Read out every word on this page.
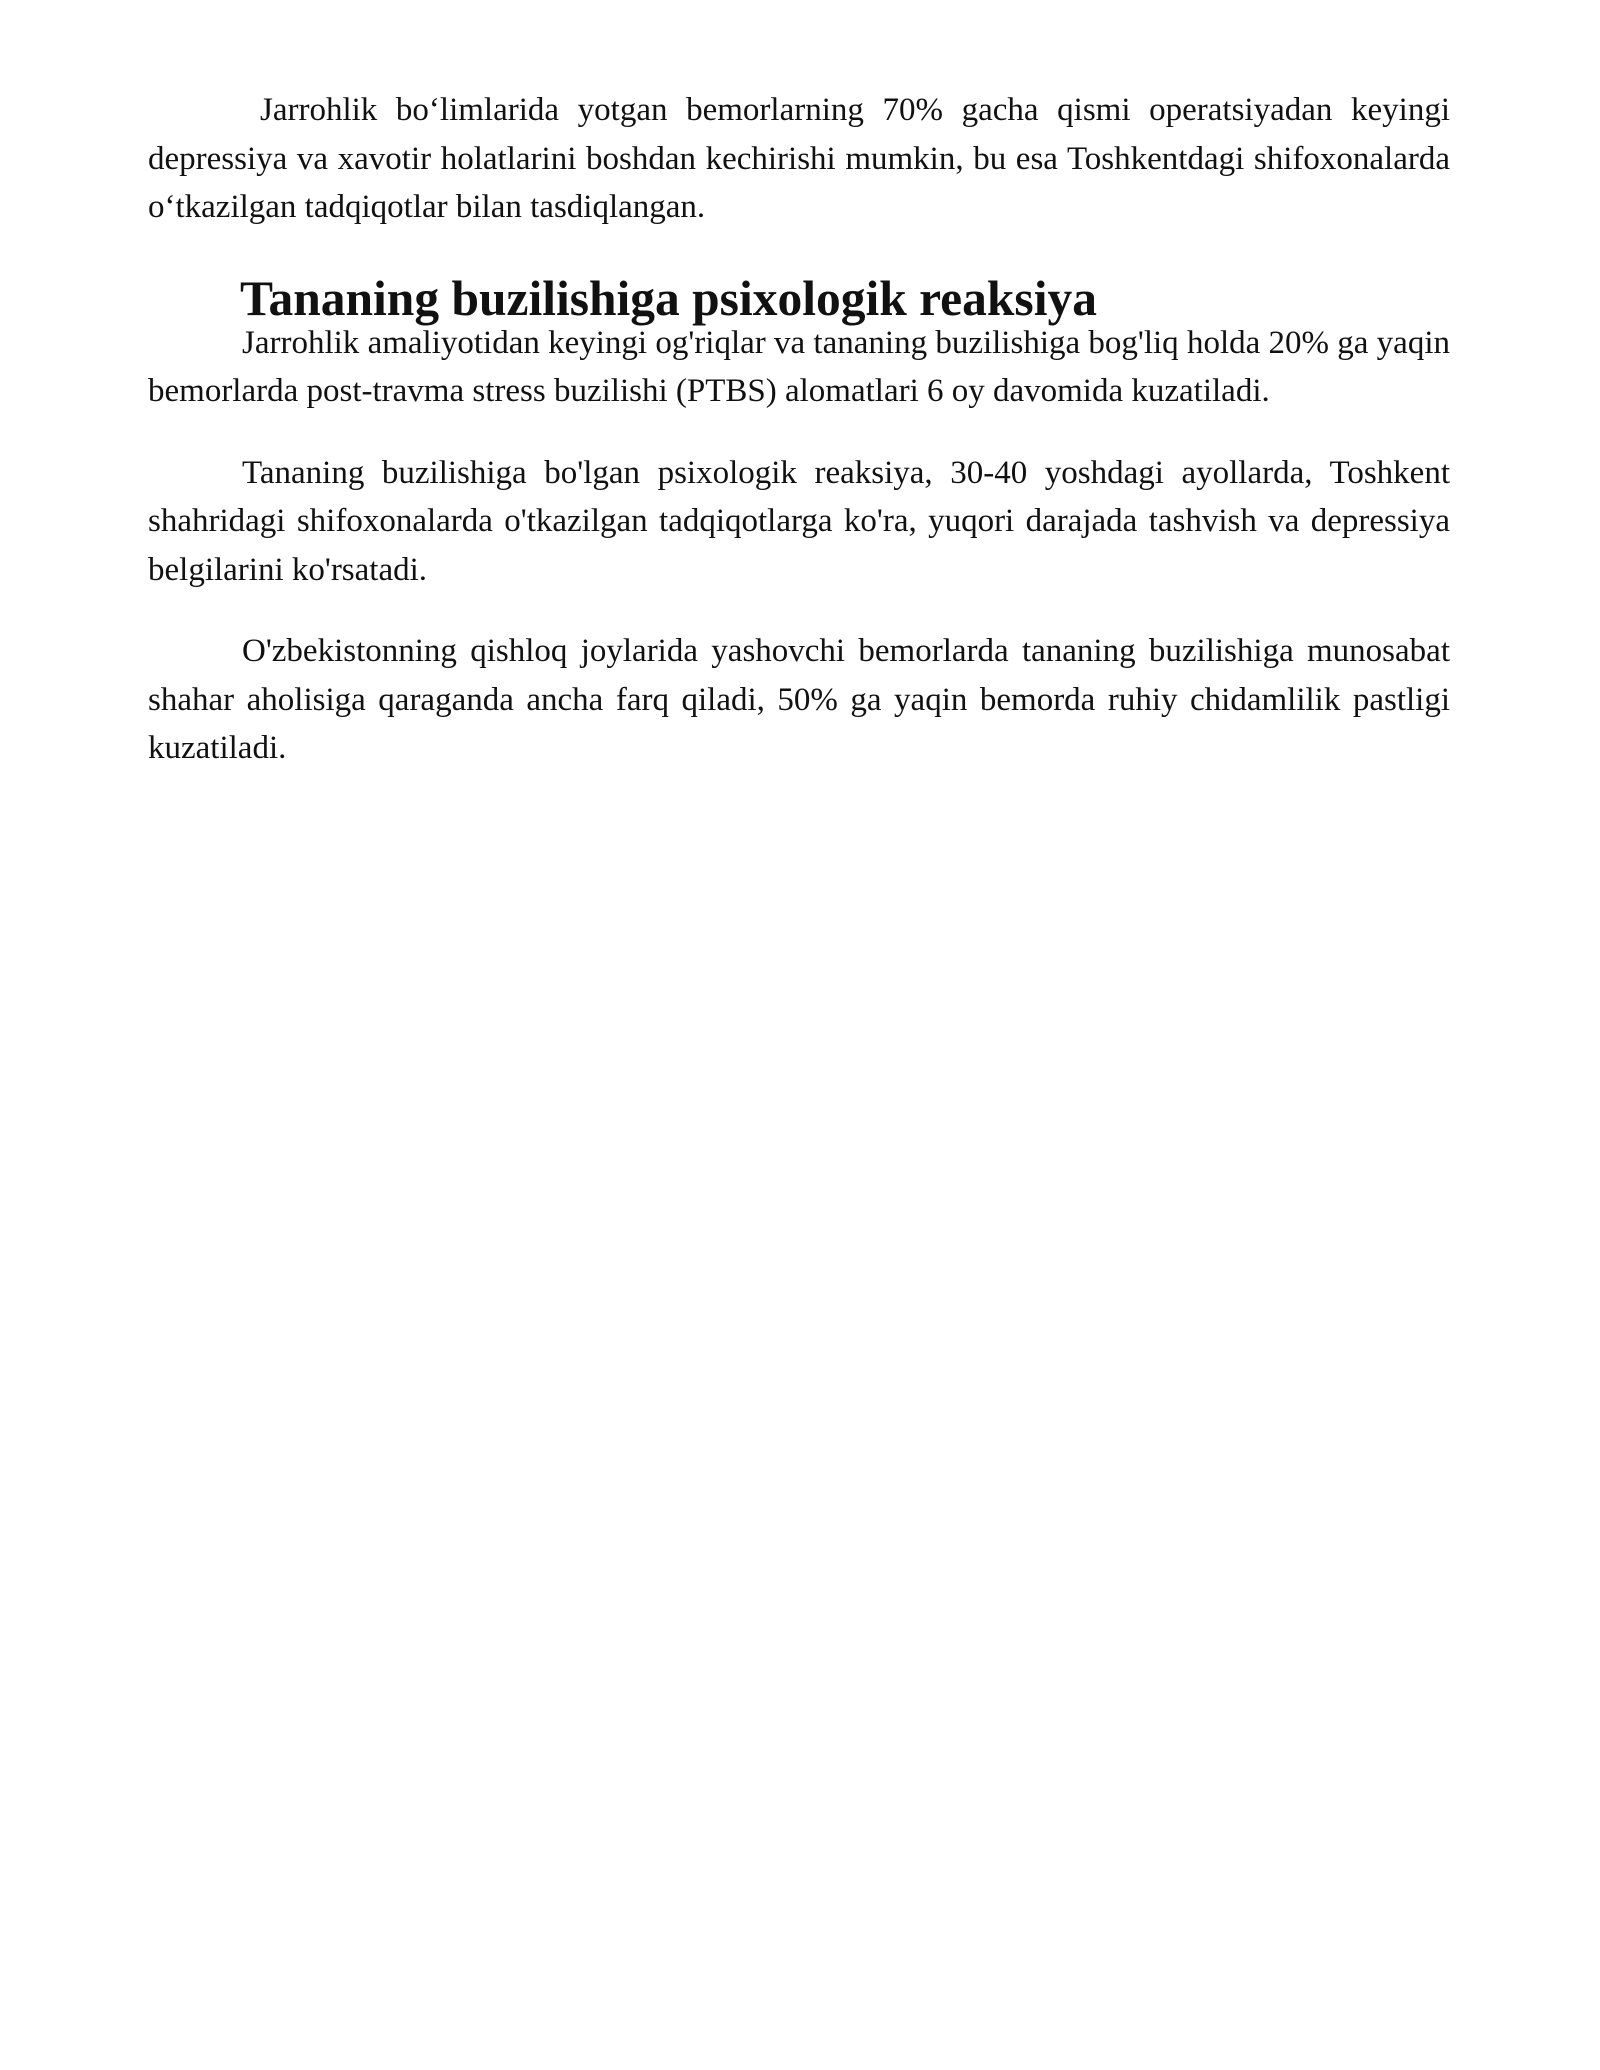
Jarrohlik bo‘limlarida yotgan bemorlarning 70% gacha qismi operatsiyadan keyingi depressiya va xavotir holatlarini boshdan kechirishi mumkin, bu esa Toshkentdagi shifoxonalarda o‘tkazilgan tadqiqotlar bilan tasdiqlangan.

Tananing buzilishiga psixologik reaksiya

Jarrohlik amaliyotidan keyingi og'riqlar va tananing buzilishiga bog'liq holda 20% ga yaqin bemorlarda post-travma stress buzilishi (PTBS) alomatlari 6 oy davomida kuzatiladi.

Tananing buzilishiga bo'lgan psixologik reaksiya, 30-40 yoshdagi ayollarda, Toshkent shahridagi shifoxonalarda o'tkazilgan tadqiqotlarga ko'ra, yuqori darajada tashvish va depressiya belgilarini ko'rsatadi.

O'zbekistonning qishloq joylarida yashovchi bemorlarda tananing buzilishiga munosabat shahar aholisiga qaraganda ancha farq qiladi, 50% ga yaqin bemorda ruhiy chidamlilik pastligi kuzatiladi.
